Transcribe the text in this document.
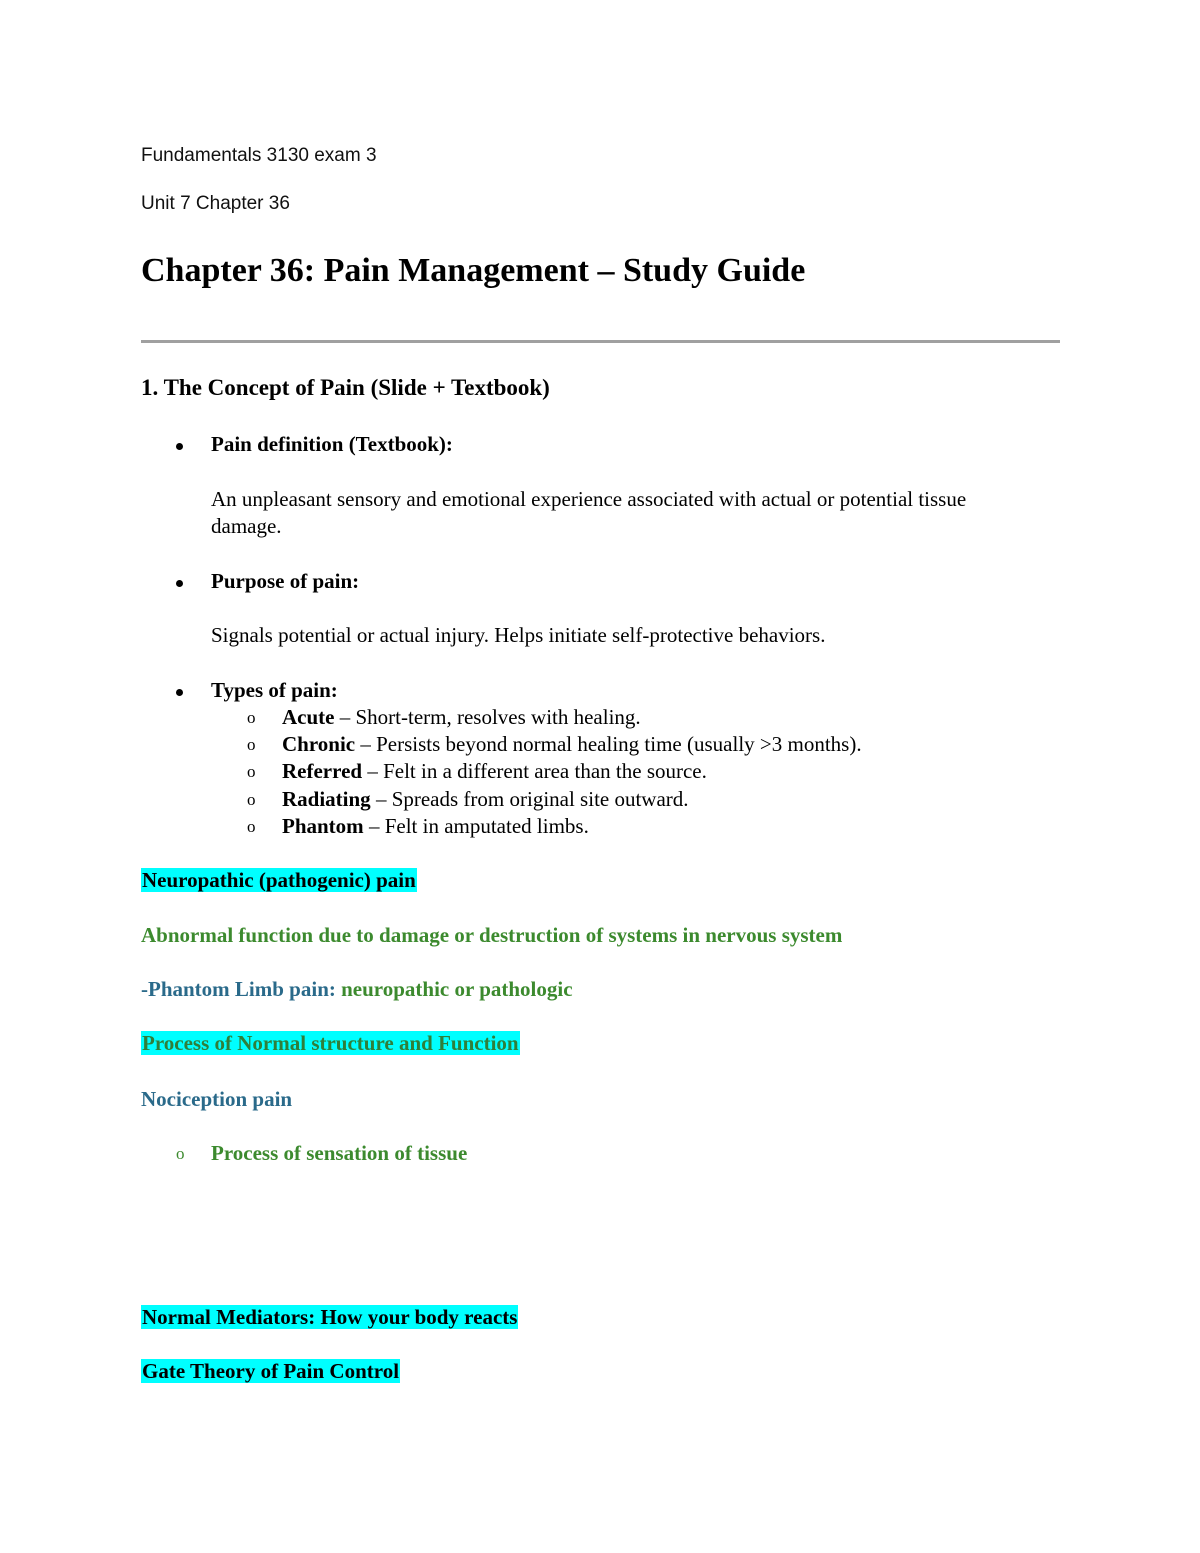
Fundamentals 3130 exam 3
Unit 7 Chapter 36
Chapter 36: Pain Management – Study Guide
1. The Concept of Pain (Slide + Textbook)
Pain definition (Textbook):
An unpleasant sensory and emotional experience associated with actual or potential tissue
damage.
Purpose of pain:
Signals potential or actual injury. Helps initiate self-protective behaviors.
Types of pain:
o Acute – Short-term, resolves with healing.
o Chronic – Persists beyond normal healing time (usually >3 months).
o Referred – Felt in a different area than the source.
o Radiating – Spreads from original site outward.
o Phantom – Felt in amputated limbs.
Neuropathic (pathogenic) pain
Abnormal function due to damage or destruction of systems in nervous system
-Phantom Limb pain: neuropathic or pathologic
Process of Normal structure and Function
Nociception pain
o Process of sensation of tissue
Normal Mediators: How your body reacts
Gate Theory of Pain Control
